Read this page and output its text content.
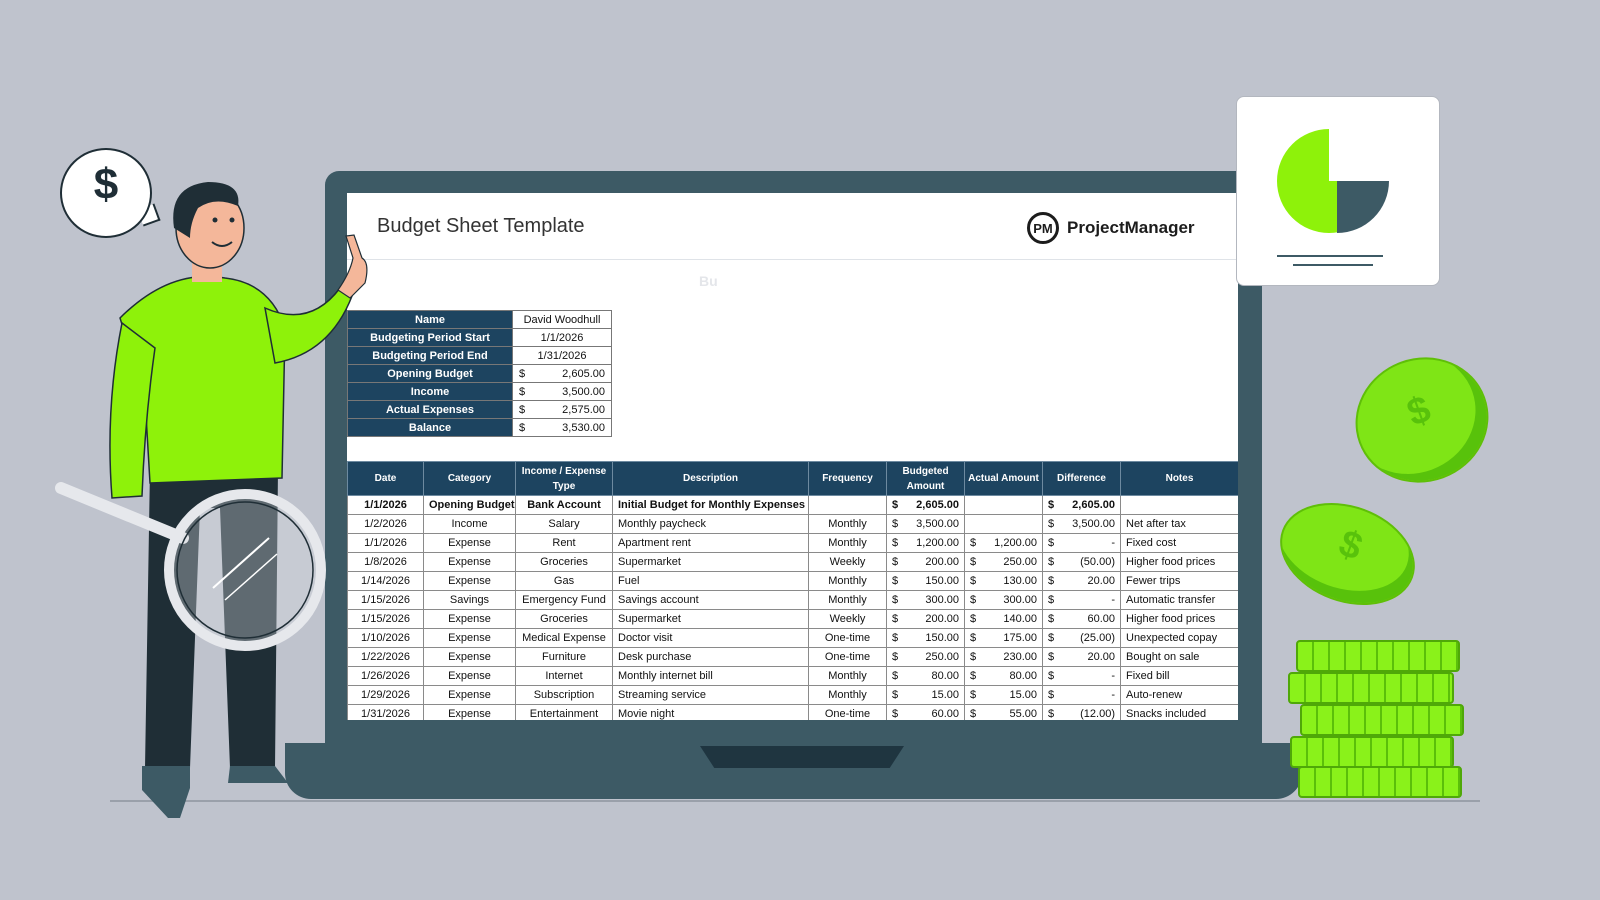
Budget Sheet Template	PM ProjectManager
Bu
Name	David Woodhull
Budgeting Period Start	1/1/2026
Budgeting Period End	1/31/2026
Opening Budget	$ 2,605.00

Income	$ 3,500.00

Actual Expenses	$ 2,575.00

Balance	$ 3,530.00
Date	Category	Income / Expense Type	Description	Frequency	Budgeted Amount	Actual Amount	Difference	Notes
1/1/2026	Opening Budget	Bank Account	Initial Budget for Monthly Expenses		$ 2,605.00		$ 2,605.00	

1/2/2026	Income	Salary	Monthly paycheck	Monthly	$ 3,500.00		$ 3,500.00	Net after tax
1/1/2026	Expense	Rent	Apartment rent	Monthly	$ 1,200.00	$ 1,200.00	$ -	Fixed cost
1/8/2026	Expense	Groceries	Supermarket	Weekly	$ 200.00	$ 250.00	$ (50.00)	Higher food prices
1/14/2026	Expense	Gas	Fuel	Monthly	$ 150.00	$ 130.00	$ 20.00	Fewer trips
1/15/2026	Savings	Emergency Fund	Savings account	Monthly	$ 300.00	$ 300.00	$ -	Automatic transfer
1/15/2026	Expense	Groceries	Supermarket	Weekly	$ 200.00	$ 140.00	$ 60.00	Higher food prices
1/10/2026	Expense	Medical Expense	Doctor visit	One-time	$ 150.00	$ 175.00	$ (25.00)	Unexpected copay
1/22/2026	Expense	Furniture	Desk purchase	One-time	$ 250.00	$ 230.00	$ 20.00	Bought on sale
1/26/2026	Expense	Internet	Monthly internet bill	Monthly	$ 80.00	$ 80.00	$ -	Fixed bill
1/29/2026	Expense	Subscription	Streaming service	Monthly	$ 15.00	$ 15.00	$ -	Auto-renew
1/31/2026	Expense	Entertainment	Movie night	One-time	$ 60.00	$ 55.00	$ (12.00)	Snacks included
$
$
$
